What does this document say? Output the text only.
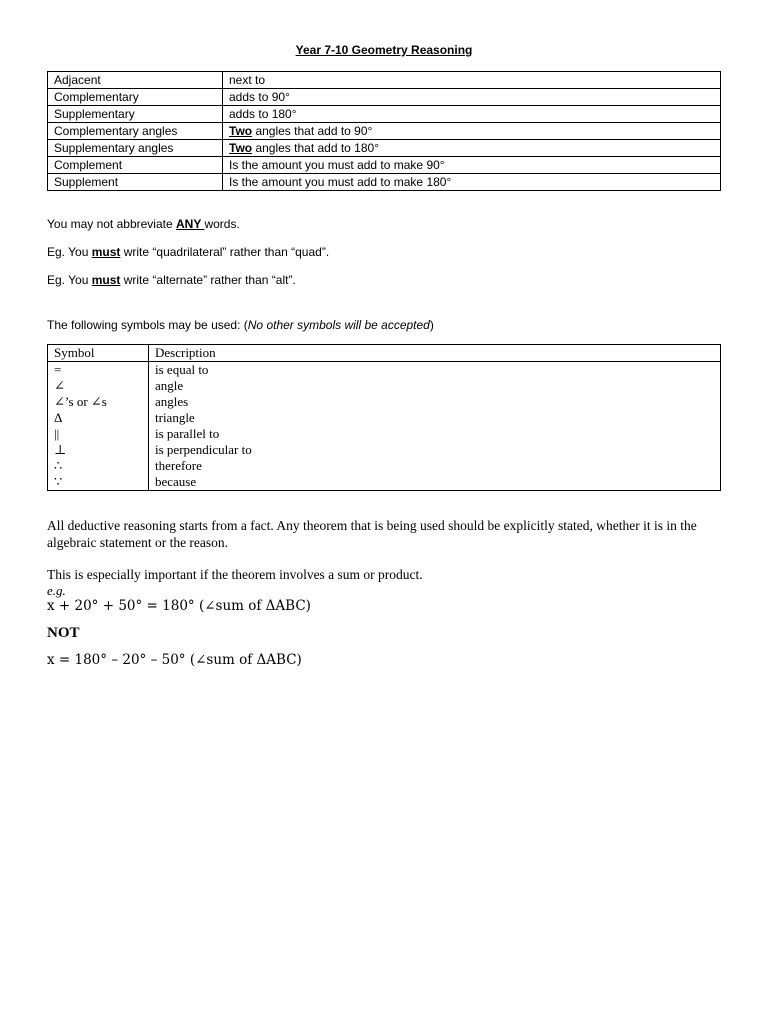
Year 7-10 Geometry Reasoning
Adjacent	next to
Complementary	adds to 90°
Supplementary	adds to 180°
Complementary angles	Two angles that add to 90°
Supplementary angles	Two angles that add to 180°
Complement	Is the amount you must add to make 90°
Supplement	Is the amount you must add to make 180°
You may not abbreviate ANY words.
Eg. You must write “quadrilateral” rather than “quad”.
Eg. You must write “alternate” rather than “alt”.
The following symbols may be used: (No other symbols will be accepted)
Symbol	Description
=	is equal to
∠	angle
∠’s or ∠s	angles
Δ	triangle
||	is parallel to
⊥	is perpendicular to
∴	therefore
∵	because
All deductive reasoning starts from a fact. Any theorem that is being used should be explicitly stated, whether it is in the algebraic statement or the reason.
This is especially important if the theorem involves a sum or product.
e.g.
x + 20° + 50° = 180° (∠sum of ΔABC)
NOT
x = 180° – 20° – 50° (∠sum of ΔABC)
